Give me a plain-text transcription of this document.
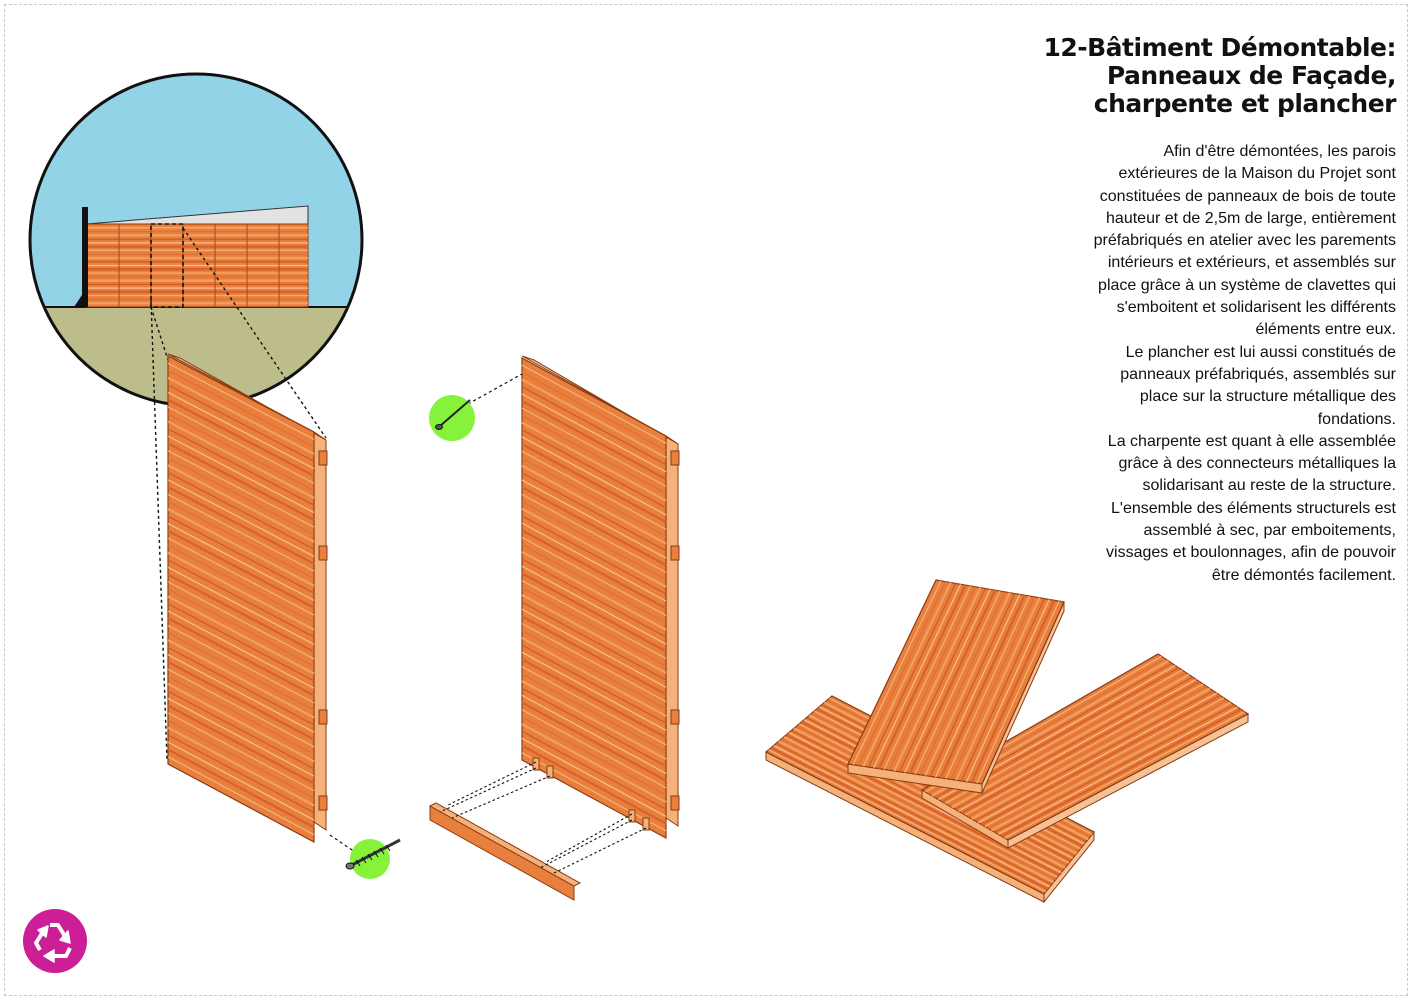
12-Bâtiment Démontable:
Panneaux de Façade,
charpente et plancher
Afin d'être démontées, les parois
extérieures de la Maison du Projet sont
constituées de panneaux de bois de toute
hauteur et de 2,5m de large, entièrement
préfabriqués en atelier avec les parements
intérieurs et extérieurs, et assemblés sur
place grâce à un système de clavettes qui
s'emboitent et solidarisent les différents
éléments entre eux.
Le plancher est lui aussi constitués de
panneaux préfabriqués, assemblés sur
place sur la structure métallique des
fondations.
La charpente est quant à elle assemblée
grâce à des connecteurs métalliques la
solidarisant au reste de la structure.
L'ensemble des éléments structurels est
assemblé à sec, par emboitements,
vissages et boulonnages, afin de pouvoir
être démontés facilement.
